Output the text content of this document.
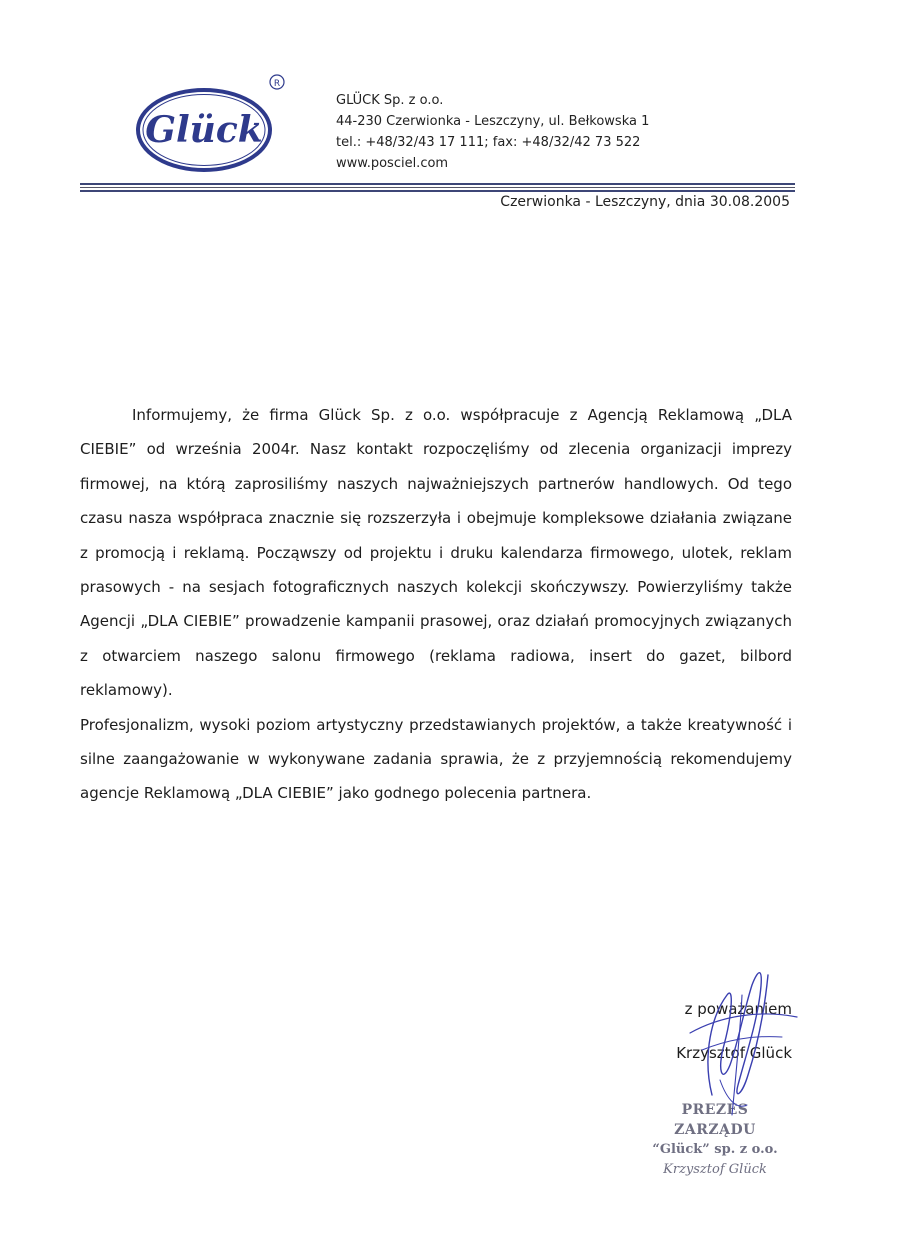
Glück
R
GLÜCK Sp. z o.o.
44-230 Czerwionka - Leszczyny, ul. Bełkowska 1
tel.: +48/32/43 17 111; fax: +48/32/42 73 522
www.posciel.com
Czerwionka - Leszczyny, dnia 30.08.2005

Informujemy, że firma Glück Sp. z o.o. współpracuje z Agencją Reklamową „DLA CIEBIE” od września 2004r. Nasz kontakt rozpoczęliśmy od zlecenia organizacji imprezy firmowej, na którą zaprosiliśmy naszych najważniejszych partnerów handlowych. Od tego czasu nasza współpraca znacznie się rozszerzyła i obejmuje kompleksowe działania związane z promocją i reklamą. Począwszy od projektu i druku kalendarza firmowego, ulotek, reklam prasowych - na sesjach fotograficznych naszych kolekcji skończywszy. Powierzyliśmy także Agencji „DLA CIEBIE” prowadzenie kampanii prasowej, oraz działań promocyjnych związanych z otwarciem naszego salonu firmowego (reklama radiowa, insert do gazet, bilbord reklamowy).

Profesjonalizm, wysoki poziom artystyczny przedstawianych projektów, a także kreatywność i silne zaangażowanie w wykonywane zadania sprawia, że z przyjemnością rekomendujemy agencje Reklamową „DLA CIEBIE” jako godnego polecenia partnera.

z poważaniem
Krzysztof Glück
PREZES ZARZĄDU
“Glück” sp. z o.o.
Krzysztof Glück
